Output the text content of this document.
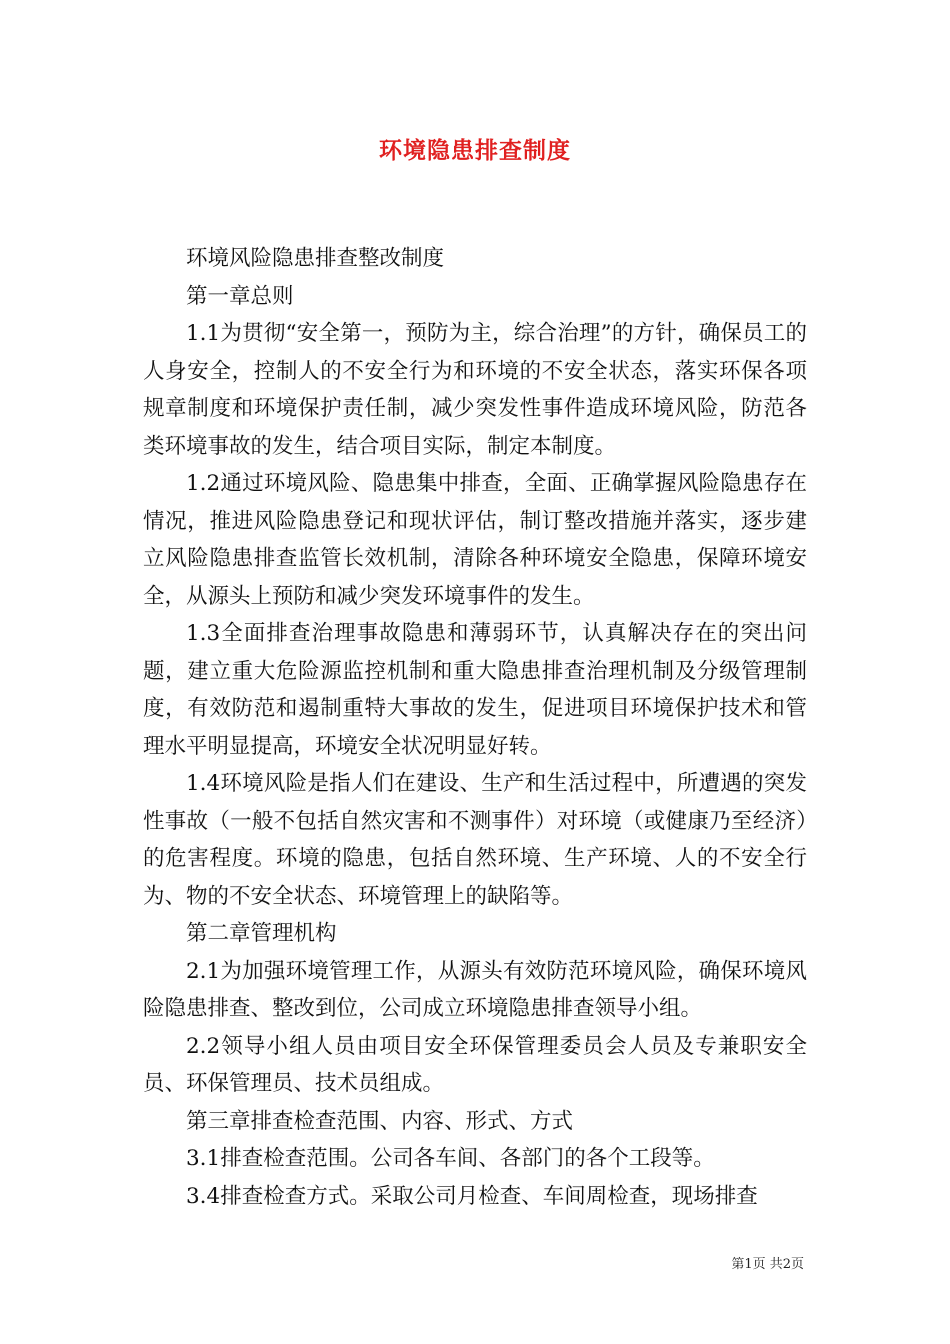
环境隐患排查制度

环境风险隐患排查整改制度

第一章总则

1.1为贯彻“安全第一，预防为主，综合治理”的方针，确保员工的人身安全，控制人的不安全行为和环境的不安全状态，落实环保各项规章制度和环境保护责任制，减少突发性事件造成环境风险，防范各类环境事故的发生，结合项目实际，制定本制度。

1.2通过环境风险、隐患集中排查，全面、正确掌握风险隐患存在情况，推进风险隐患登记和现状评估，制订整改措施并落实，逐步建立风险隐患排查监管长效机制，清除各种环境安全隐患，保障环境安全，从源头上预防和减少突发环境事件的发生。

1.3全面排查治理事故隐患和薄弱环节，认真解决存在的突出问题，建立重大危险源监控机制和重大隐患排查治理机制及分级管理制度，有效防范和遏制重特大事故的发生，促进项目环境保护技术和管理水平明显提高，环境安全状况明显好转。

1.4环境风险是指人们在建设、生产和生活过程中，所遭遇的突发性事故（一般不包括自然灾害和不测事件）对环境（或健康乃至经济）的危害程度。环境的隐患，包括自然环境、生产环境、人的不安全行为、物的不安全状态、环境管理上的缺陷等。

第二章管理机构

2.1为加强环境管理工作，从源头有效防范环境风险，确保环境风险隐患排查、整改到位，公司成立环境隐患排查领导小组。

2.2领导小组人员由项目安全环保管理委员会人员及专兼职安全员、环保管理员、技术员组成。

第三章排查检查范围、内容、形式、方式

3.1排查检查范围。公司各车间、各部门的各个工段等。

3.4排查检查方式。采取公司月检查、车间周检查，现场排查

第1页 共2页
